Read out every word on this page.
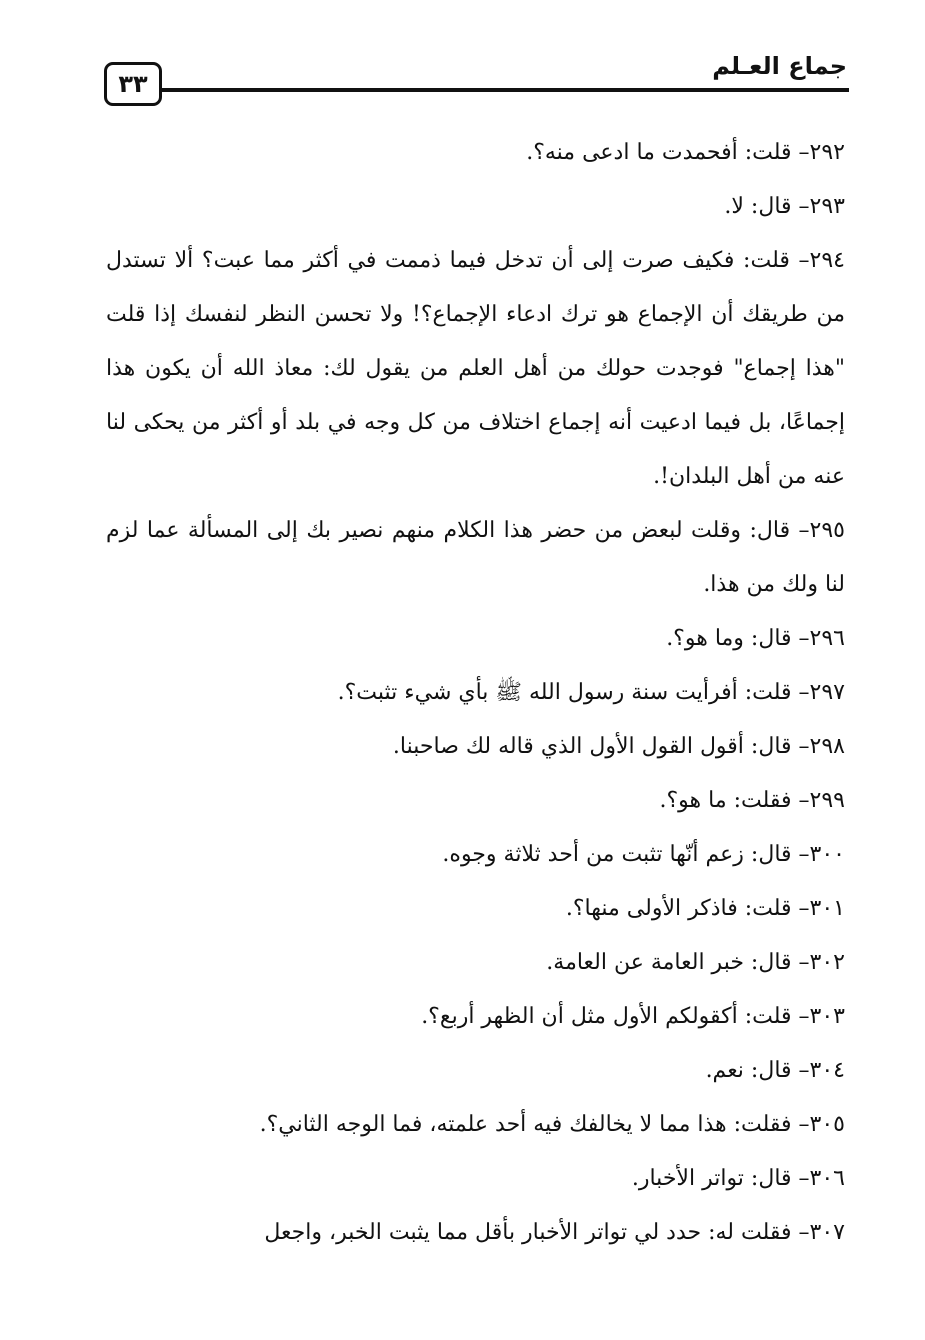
جماع العـلم
٣٣

٢٩٢– قلت: أفحمدت ما ادعى منه؟.

٢٩٣– قال: لا.

٢٩٤– قلت: فكيف صرت إلى أن تدخل فيما ذممت في أكثر مما عبت؟ ألا تستدل من طريقك أن الإجماع هو ترك ادعاء الإجماع؟! ولا تحسن النظر لنفسك إذا قلت "هذا إجماع" فوجدت حولك من أهل العلم من يقول لك: معاذ الله أن يكون هذا إجماعًا، بل فيما ادعيت أنه إجماع اختلاف من كل وجه في بلد أو أكثر من يحكى لنا عنه من أهل البلدان!.

٢٩٥– قال: وقلت لبعض من حضر هذا الكلام منهم نصير بك إلى المسألة عما لزم لنا ولك من هذا.

٢٩٦– قال: وما هو؟.

٢٩٧– قلت: أفرأيت سنة رسول الله ﷺ بأي شيء تثبت؟.

٢٩٨– قال: أقول القول الأول الذي قاله لك صاحبنا.

٢٩٩– فقلت: ما هو؟.

٣٠٠– قال: زعم أنّها تثبت من أحد ثلاثة وجوه.

٣٠١– قلت: فاذكر الأولى منها؟.

٣٠٢– قال: خبر العامة عن العامة.

٣٠٣– قلت: أكقولكم الأول مثل أن الظهر أربع؟.

٣٠٤– قال: نعم.

٣٠٥– فقلت: هذا مما لا يخالفك فيه أحد علمته، فما الوجه الثاني؟.

٣٠٦– قال: تواتر الأخبار.

٣٠٧– فقلت له: حدد لي تواتر الأخبار بأقل مما يثبت الخبر، واجعل
